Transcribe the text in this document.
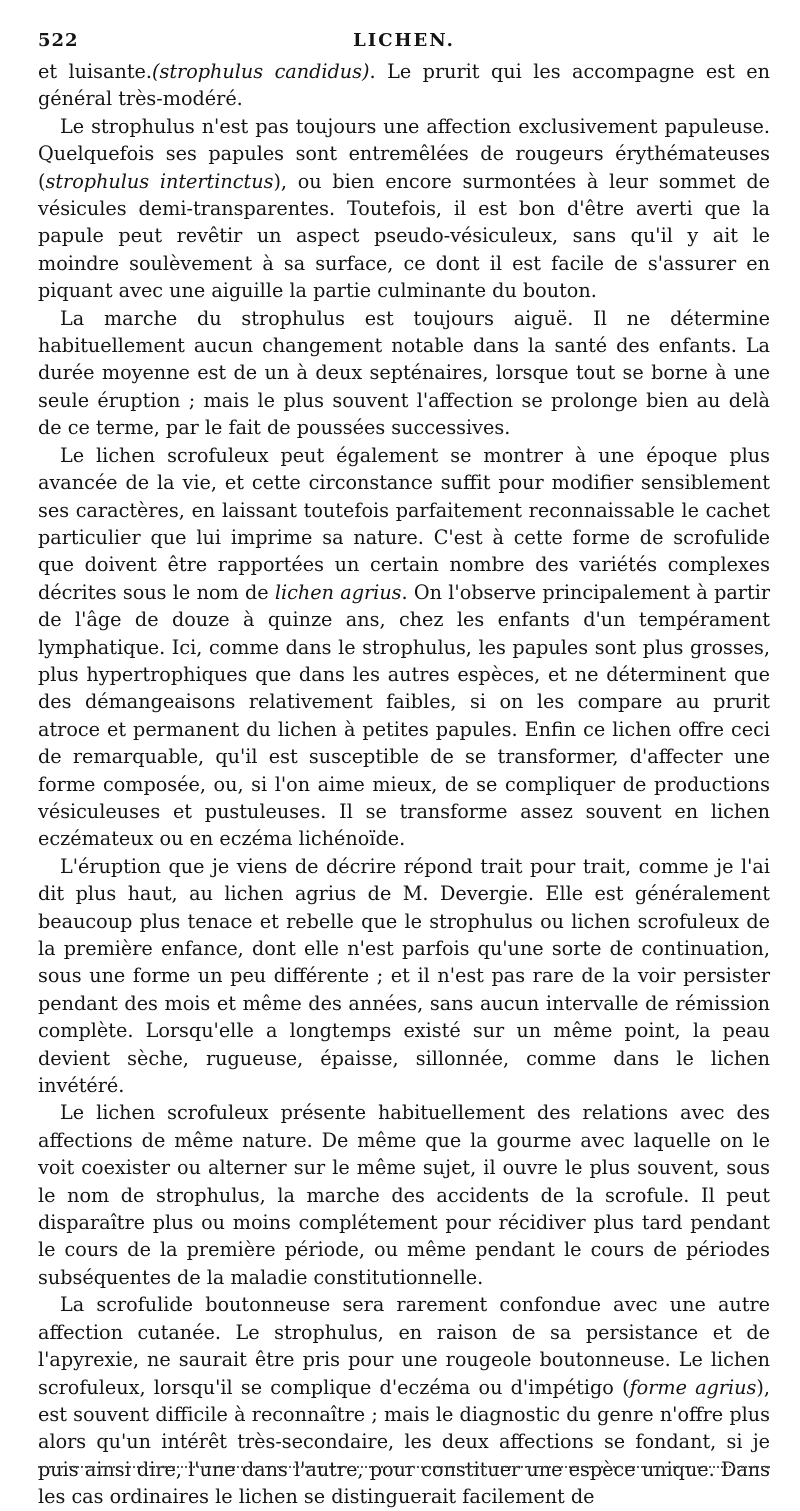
522	LICHEN.

et luisante.(strophulus candidus). Le prurit qui les accompagne est en général très-modéré.

Le strophulus n'est pas toujours une affection exclusivement papuleuse. Quelquefois ses papules sont entremêlées de rougeurs érythémateuses (strophulus intertinctus), ou bien encore surmontées à leur sommet de vésicules demi-transparentes. Toutefois, il est bon d'être averti que la papule peut revêtir un aspect pseudo-vésiculeux, sans qu'il y ait le moindre soulèvement à sa surface, ce dont il est facile de s'assurer en piquant avec une aiguille la partie culminante du bouton.

La marche du strophulus est toujours aiguë. Il ne détermine habituellement aucun changement notable dans la santé des enfants. La durée moyenne est de un à deux septénaires, lorsque tout se borne à une seule éruption ; mais le plus souvent l'affection se prolonge bien au delà de ce terme, par le fait de poussées successives.

Le lichen scrofuleux peut également se montrer à une époque plus avancée de la vie, et cette circonstance suffit pour modifier sensiblement ses caractères, en laissant toutefois parfaitement reconnaissable le cachet particulier que lui imprime sa nature. C'est à cette forme de scrofulide que doivent être rapportées un certain nombre des variétés complexes décrites sous le nom de lichen agrius. On l'observe principalement à partir de l'âge de douze à quinze ans, chez les enfants d'un tempérament lymphatique. Ici, comme dans le strophulus, les papules sont plus grosses, plus hypertrophiques que dans les autres espèces, et ne déterminent que des démangeaisons relativement faibles, si on les compare au prurit atroce et permanent du lichen à petites papules. Enfin ce lichen offre ceci de remarquable, qu'il est susceptible de se transformer, d'affecter une forme composée, ou, si l'on aime mieux, de se compliquer de productions vésiculeuses et pustuleuses. Il se transforme assez souvent en lichen eczémateux ou en eczéma lichénoïde.

L'éruption que je viens de décrire répond trait pour trait, comme je l'ai dit plus haut, au lichen agrius de M. Devergie. Elle est généralement beaucoup plus tenace et rebelle que le strophulus ou lichen scrofuleux de la première enfance, dont elle n'est parfois qu'une sorte de continuation, sous une forme un peu différente ; et il n'est pas rare de la voir persister pendant des mois et même des années, sans aucun intervalle de rémission complète. Lorsqu'elle a longtemps existé sur un même point, la peau devient sèche, rugueuse, épaisse, sillonnée, comme dans le lichen invétéré.

Le lichen scrofuleux présente habituellement des relations avec des affections de même nature. De même que la gourme avec laquelle on le voit coexister ou alterner sur le même sujet, il ouvre le plus souvent, sous le nom de strophulus, la marche des accidents de la scrofule. Il peut disparaître plus ou moins complétement pour récidiver plus tard pendant le cours de la première période, ou même pendant le cours de périodes subséquentes de la maladie constitutionnelle.

La scrofulide boutonneuse sera rarement confondue avec une autre affection cutanée. Le strophulus, en raison de sa persistance et de l'apyrexie, ne saurait être pris pour une rougeole boutonneuse. Le lichen scrofuleux, lorsqu'il se complique d'eczéma ou d'impétigo (forme agrius), est souvent difficile à reconnaître ; mais le diagnostic du genre n'offre plus alors qu'un intérêt très-secondaire, les deux affections se fondant, si je puis ainsi dire, l'une dans l'autre, pour constituer une espèce unique. Dans les cas ordinaires le lichen se distinguerait facilement de
